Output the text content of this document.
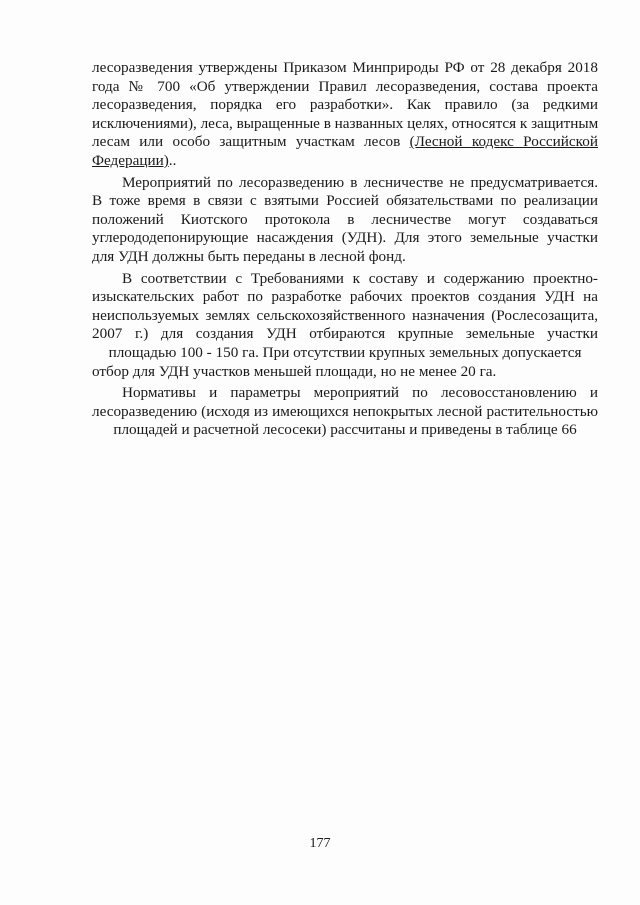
лесоразведения утверждены Приказом Минприроды РФ от 28 декабря 2018
года № 700 «Об утверждении Правил лесоразведения, состава проекта
лесоразведения, порядка его разработки». Как правило (за редкими
исключениями), леса, выращенные в названных целях, относятся к защитным
лесам или особо защитным участкам лесов (Лесной кодекс Российской
Федерации)..
Мероприятий по лесоразведению в лесничестве не предусматривается.
В тоже время в связи с взятыми Россией обязательствами по реализации
положений Киотского протокола в лесничестве могут создаваться
углерододепонирующие насаждения (УДН). Для этого земельные участки
для УДН должны быть переданы в лесной фонд.
В соответствии с Требованиями к составу и содержанию проектно-
изыскательских работ по разработке рабочих проектов создания УДН на
неиспользуемых землях сельскохозяйственного назначения (Рослесозащита,
2007 г.) для создания УДН отбираются крупные земельные участки
площадью 100 - 150 га. При отсутствии крупных земельных допускается
отбор для УДН участков меньшей площади, но не менее 20 га.
Нормативы и параметры мероприятий по лесовосстановлению и
лесоразведению (исходя из имеющихся непокрытых лесной растительностью
площадей и расчетной лесосеки) рассчитаны и приведены в таблице 66
177
